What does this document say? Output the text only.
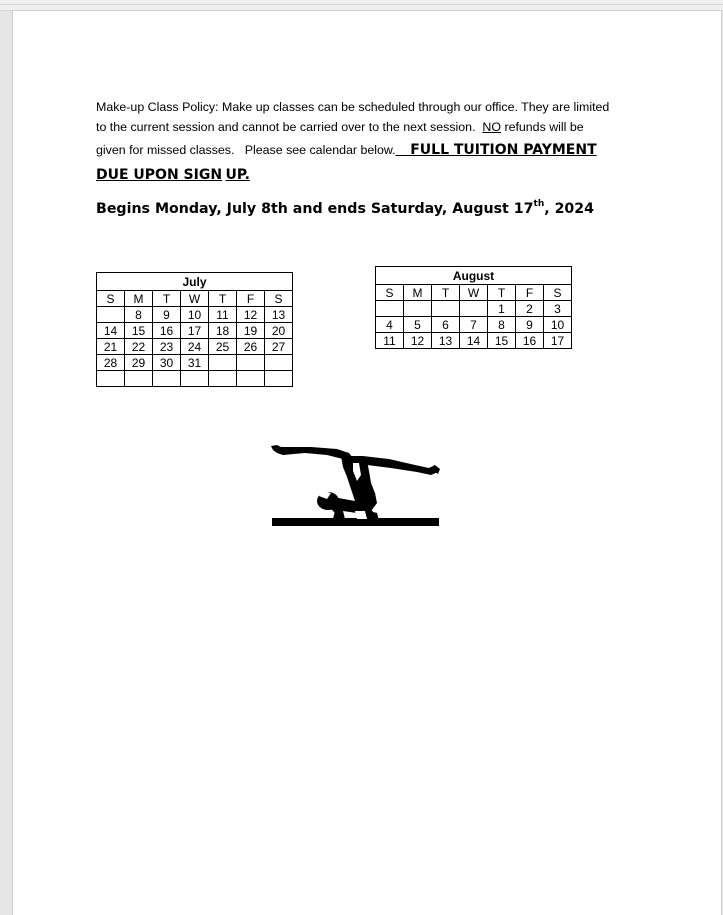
Make-up Class Policy: Make up classes can be scheduled through our office. They are limited
to the current session and cannot be carried over to the next session.  NO refunds will be
given for missed classes.   Please see calendar below.   FULL TUITION PAYMENT
DUE UPON SIGN UP.
Begins Monday, July 8th and ends Saturday, August 17th, 2024
July						
S	M	T	W	T	F	S
	8	9	10	11	12	13
14	15	16	17	18	19	20
21	22	23	24	25	26	27
28	29	30	31			

August						
S	M	T	W	T	F	S
				1	2	3
4	5	6	7	8	9	10
11	12	13	14	15	16	17
